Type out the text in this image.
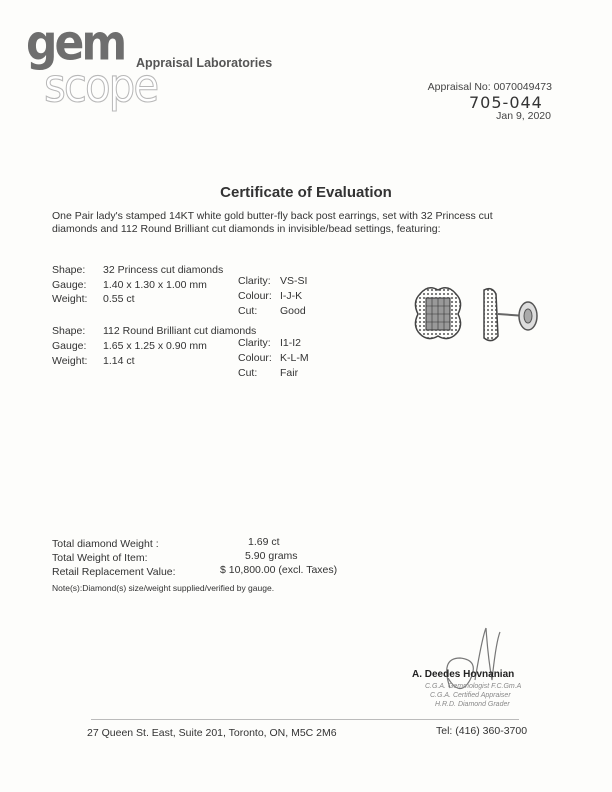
gem
scope
Appraisal Laboratories
Appraisal No: 0070049473
705-044
Jan 9, 2020
Certificate of Evaluation
One Pair lady's stamped 14KT white gold butter-fly back post earrings, set with 32 Princess cut diamonds and 112 Round Brilliant cut diamonds in invisible/bead settings, featuring:
Shape: 32 Princess cut diamonds
Gauge: 1.40 x 1.30 x 1.00 mm
Weight: 0.55 ct
Clarity: VS-SI
Colour: I-J-K
Cut: Good
Shape: 112 Round Brilliant cut diamonds
Gauge: 1.65 x 1.25 x 0.90 mm
Weight: 1.14 ct
Clarity: I1-I2
Colour: K-L-M
Cut: Fair
Total diamond Weight :	1.69 ct
Total Weight of Item:	5.90 grams
Retail Replacement Value:	$ 10,800.00 (excl. Taxes)
Note(s):Diamond(s) size/weight supplied/verified by gauge.
A. Deedes Hovnanian
C.G.A. Gemmologist F.C.Gm.A
C.G.A. Certified Appraiser
H.R.D. Diamond Grader
27 Queen St. East, Suite 201, Toronto, ON, M5C 2M6	Tel: (416) 360-3700
